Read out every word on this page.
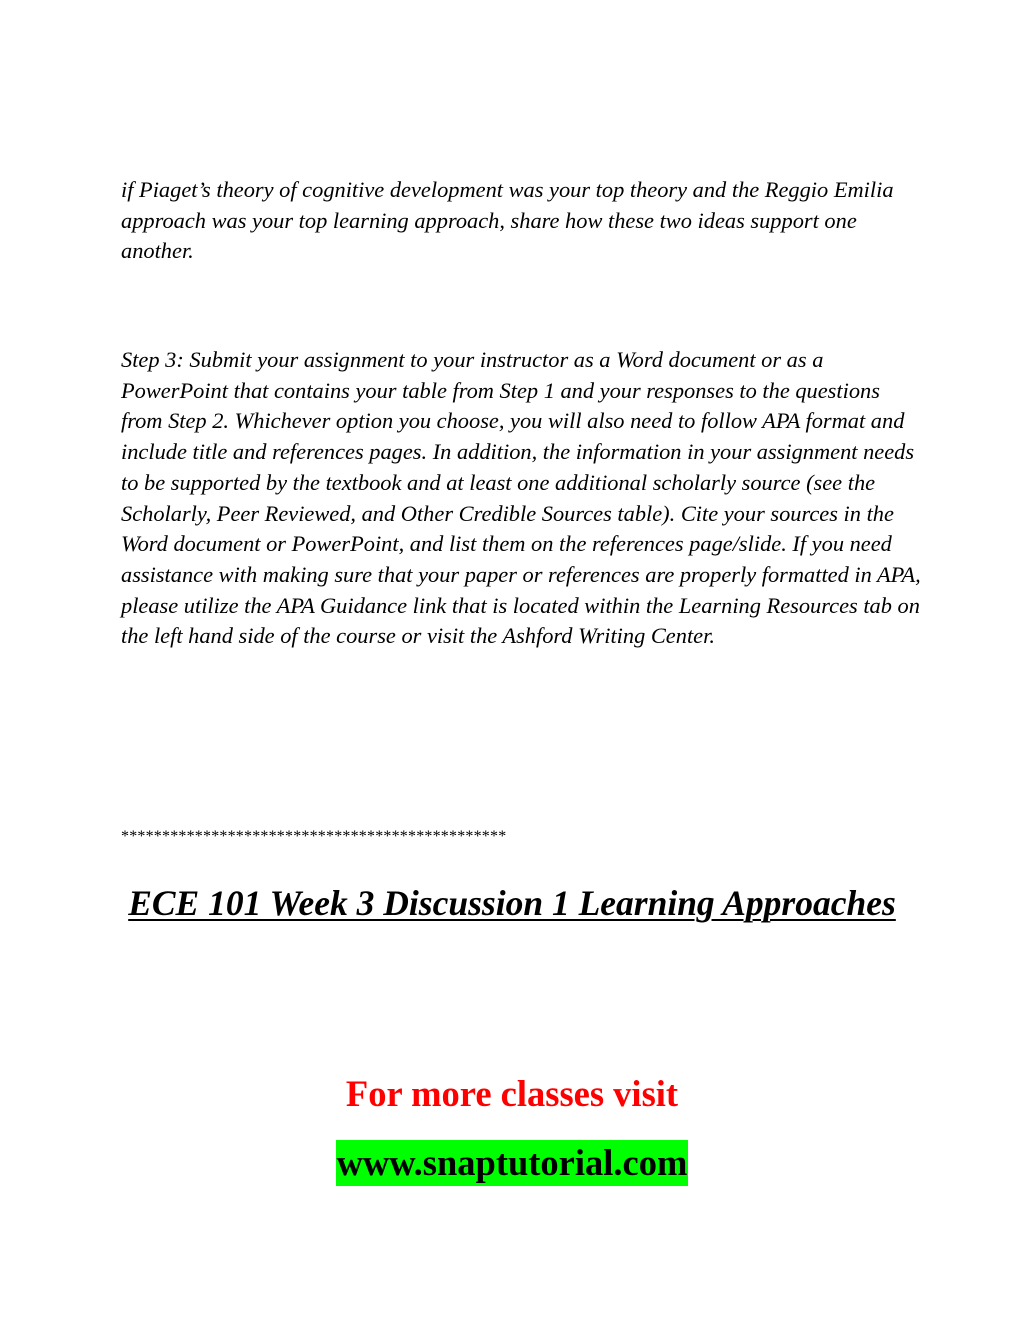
if Piaget’s theory of cognitive development was your top theory and the Reggio Emilia approach was your top learning approach, share how these two ideas support one another.

Step 3: Submit your assignment to your instructor as a Word document or as a PowerPoint that contains your table from Step 1 and your responses to the questions from Step 2. Whichever option you choose, you will also need to follow APA format and include title and references pages. In addition, the information in your assignment needs to be supported by the textbook and at least one additional scholarly source (see the Scholarly, Peer Reviewed, and Other Credible Sources table). Cite your sources in the Word document or PowerPoint, and list them on the references page/slide. If you need assistance with making sure that your paper or references are properly formatted in APA, please utilize the APA Guidance link that is located within the Learning Resources tab on the left hand side of the course or visit the Ashford Writing Center.

***********************************************

ECE 101 Week 3 Discussion 1 Learning Approaches

For more classes visit

www.snaptutorial.com
